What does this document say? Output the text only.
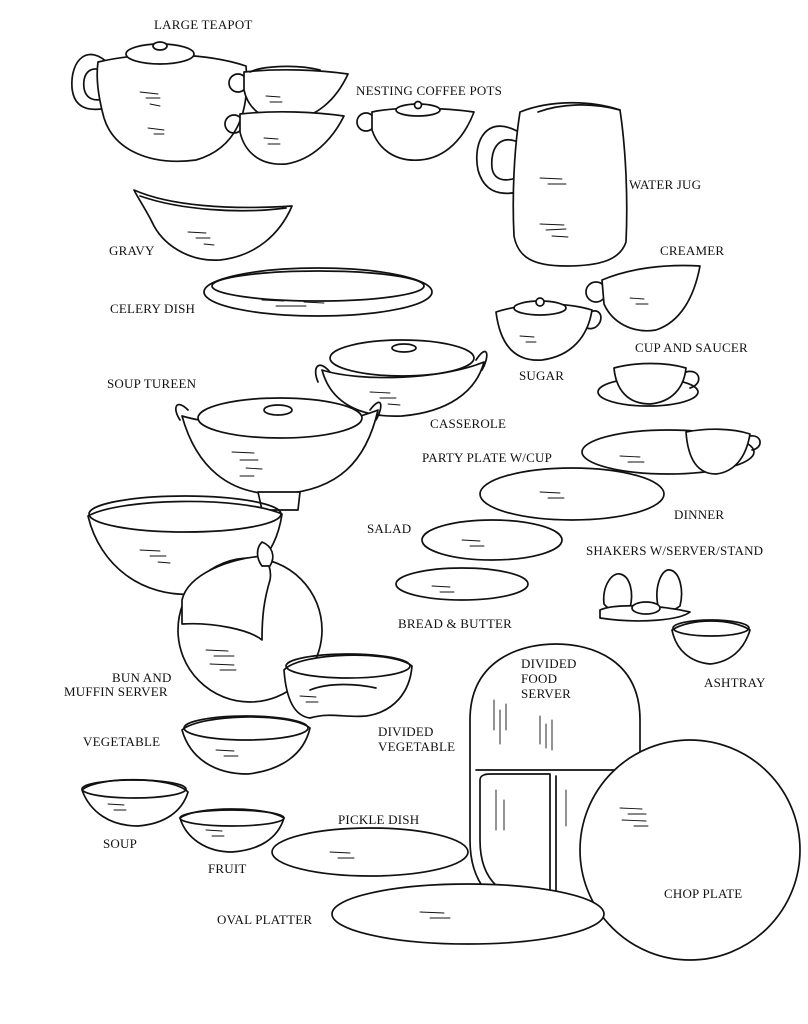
LARGE TEAPOT
NESTING COFFEE POTS
WATER JUG
GRAVY	CREAMER
CELERY DISH
CUP AND SAUCER
SUGAR
SOUP TUREEN
CASSEROLE
PARTY PLATE W/CUP
DINNER
SALAD
SHAKERS W/SERVER/STAND
BREAD & BUTTER
DIVIDED
FOOD
SERVER
BUN AND
MUFFIN SERVER
ASHTRAY
VEGETABLE
DIVIDED
VEGETABLE
PICKLE DISH
SOUP
FRUIT
CHOP PLATE
OVAL PLATTER
